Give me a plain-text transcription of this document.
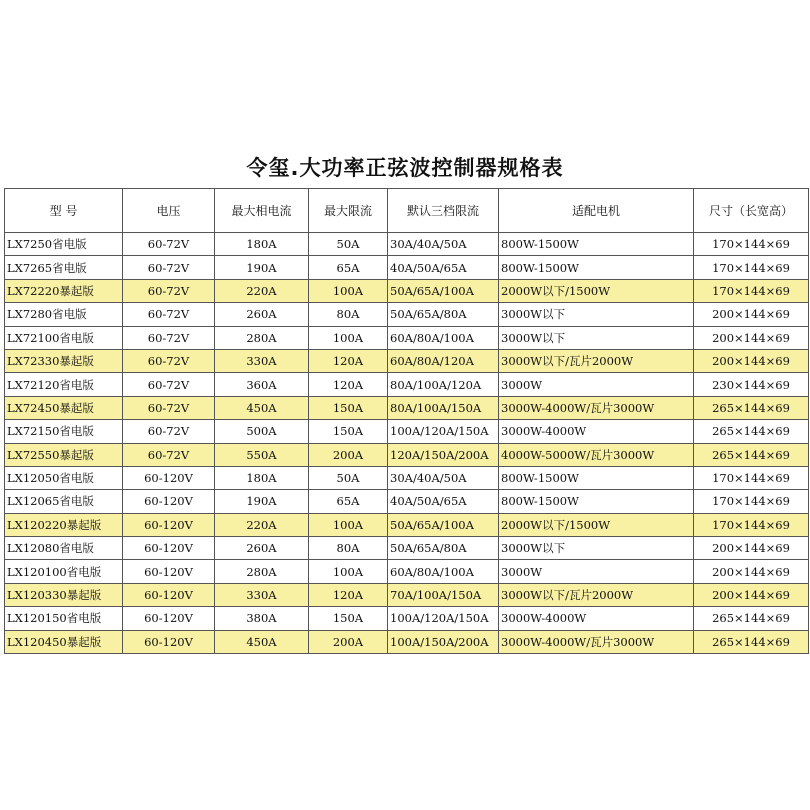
令玺.大功率正弦波控制器规格表
型 号	电压	最大相电流	最大限流	默认三档限流	适配电机	尺寸（长宽高）
LX7250省电版	60-72V	180A	50A	30A/40A/50A	800W-1500W	170×144×69
LX7265省电版	60-72V	190A	65A	40A/50A/65A	800W-1500W	170×144×69
LX72220暴起版	60-72V	220A	100A	50A/65A/100A	2000W以下/1500W	170×144×69
LX7280省电版	60-72V	260A	80A	50A/65A/80A	3000W以下	200×144×69
LX72100省电版	60-72V	280A	100A	60A/80A/100A	3000W以下	200×144×69
LX72330暴起版	60-72V	330A	120A	60A/80A/120A	3000W以下/瓦片2000W	200×144×69
LX72120省电版	60-72V	360A	120A	80A/100A/120A	3000W	230×144×69
LX72450暴起版	60-72V	450A	150A	80A/100A/150A	3000W-4000W/瓦片3000W	265×144×69
LX72150省电版	60-72V	500A	150A	100A/120A/150A	3000W-4000W	265×144×69
LX72550暴起版	60-72V	550A	200A	120A/150A/200A	4000W-5000W/瓦片3000W	265×144×69
LX12050省电版	60-120V	180A	50A	30A/40A/50A	800W-1500W	170×144×69
LX12065省电版	60-120V	190A	65A	40A/50A/65A	800W-1500W	170×144×69
LX120220暴起版	60-120V	220A	100A	50A/65A/100A	2000W以下/1500W	170×144×69
LX12080省电版	60-120V	260A	80A	50A/65A/80A	3000W以下	200×144×69
LX120100省电版	60-120V	280A	100A	60A/80A/100A	3000W	200×144×69
LX120330暴起版	60-120V	330A	120A	70A/100A/150A	3000W以下/瓦片2000W	200×144×69
LX120150省电版	60-120V	380A	150A	100A/120A/150A	3000W-4000W	265×144×69
LX120450暴起版	60-120V	450A	200A	100A/150A/200A	3000W-4000W/瓦片3000W	265×144×69
